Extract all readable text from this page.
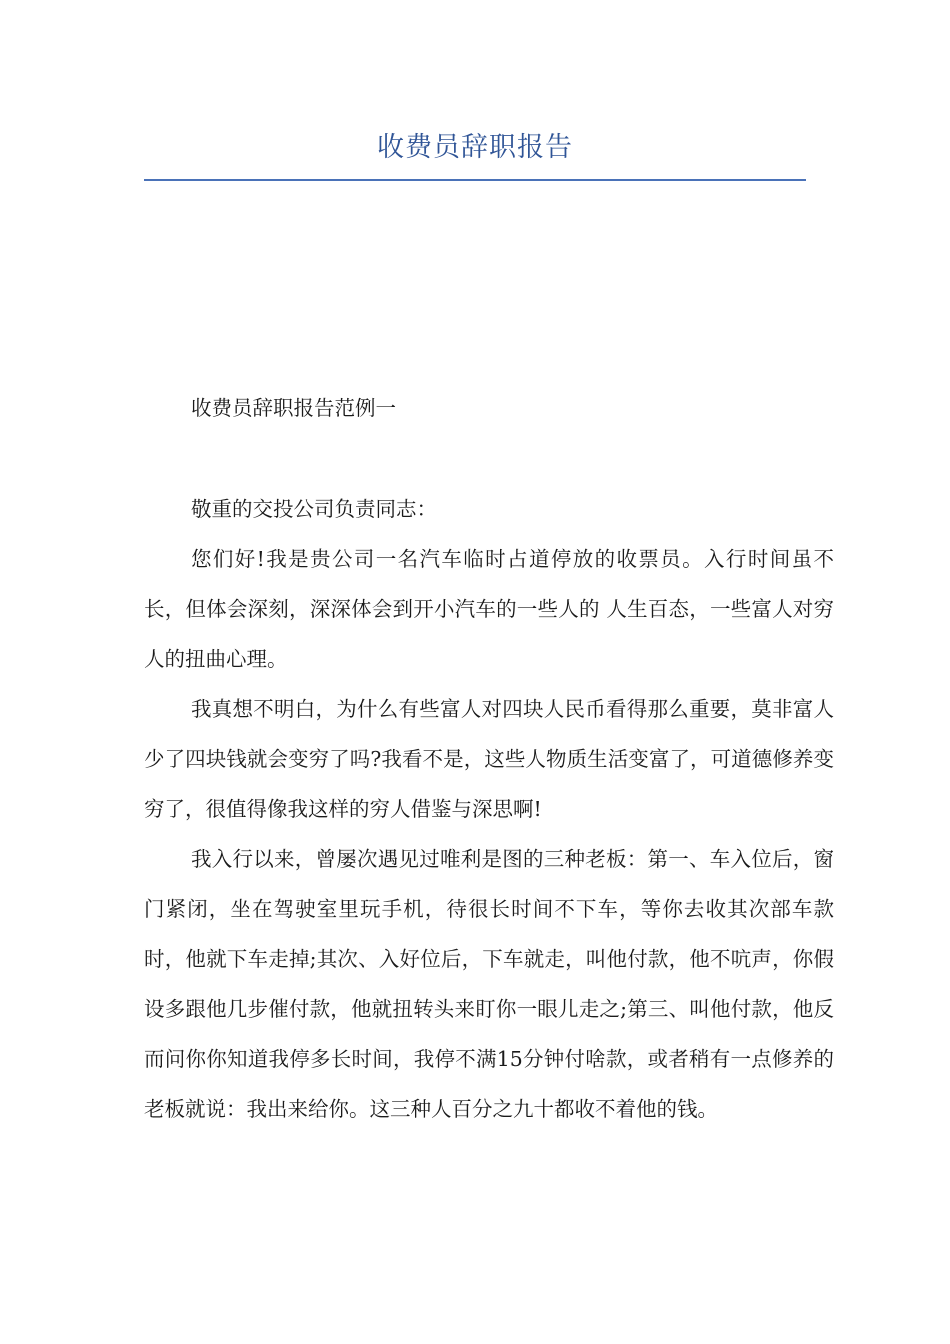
收费员辞职报告

收费员辞职报告范例一

敬重的交投公司负责同志：

您们好!我是贵公司一名汽车临时占道停放的收票员。入行时间虽不长，但体会深刻，深深体会到开小汽车的一些人的 人生百态，一些富人对穷人的扭曲心理。

我真想不明白，为什么有些富人对四块人民币看得那么重要，莫非富人少了四块钱就会变穷了吗?我看不是，这些人物质生活变富了，可道德修养变穷了，很值得像我这样的穷人借鉴与深思啊!

我入行以来，曾屡次遇见过唯利是图的三种老板：第一、车入位后，窗门紧闭，坐在驾驶室里玩手机，待很长时间不下车，等你去收其次部车款时，他就下车走掉;其次、入好位后，下车就走，叫他付款，他不吭声，你假设多跟他几步催付款，他就扭转头来盯你一眼儿走之;第三、叫他付款，他反而问你你知道我停多长时间，我停不满15分钟付啥款，或者稍有一点修养的老板就说：我出来给你。这三种人百分之九十都收不着他的钱。
